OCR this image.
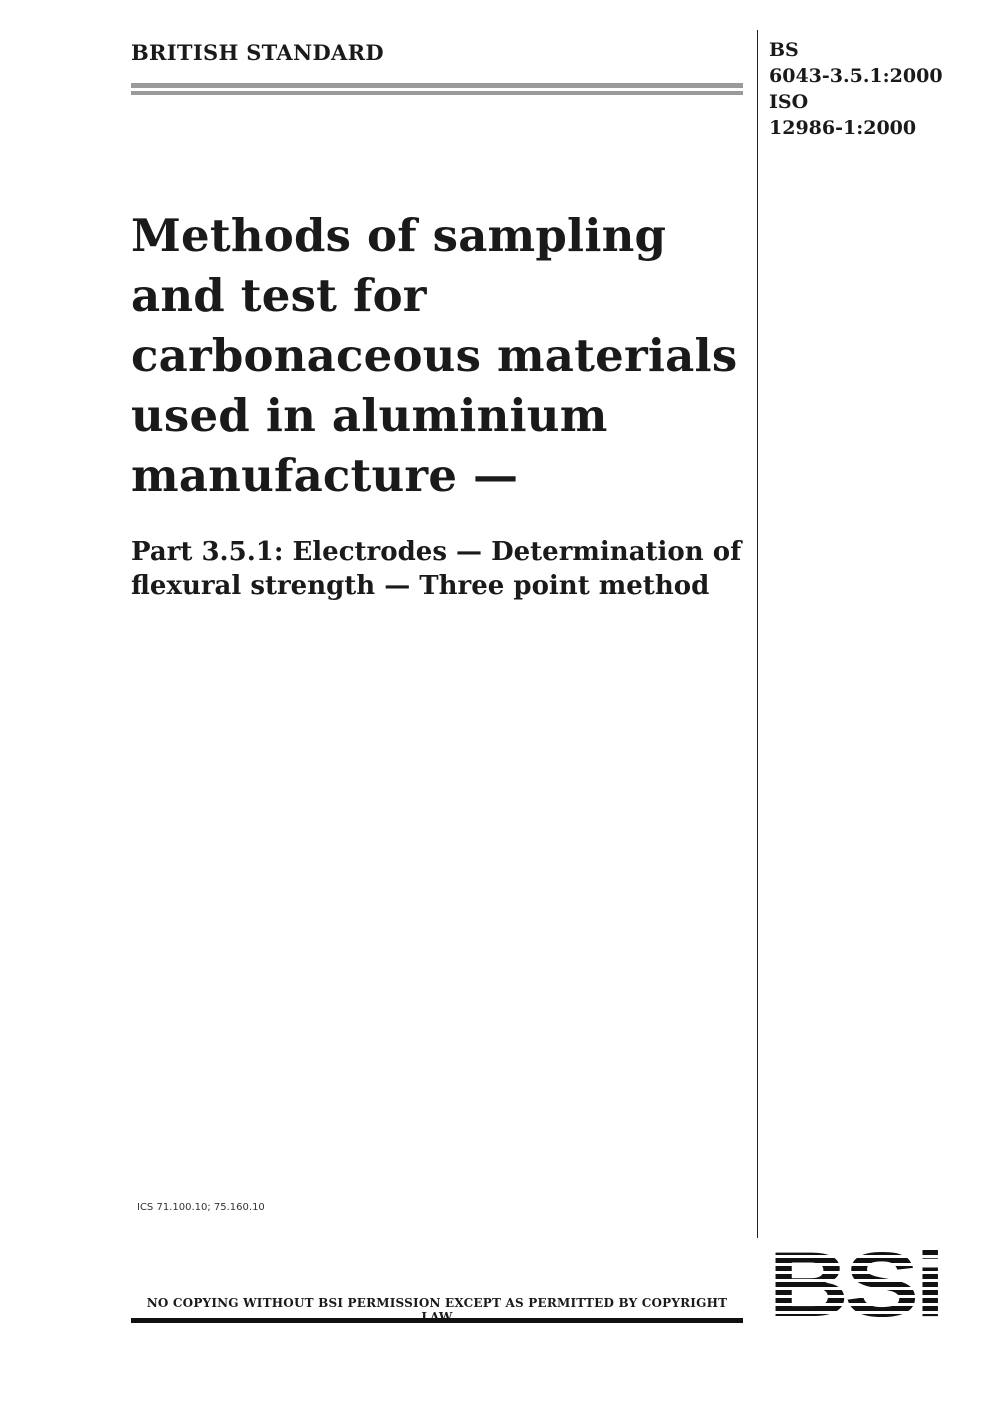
BRITISH STANDARD	BS
6043-3.5.1:2000
ISO
12986-1:2000
Methods of sampling
and test for
carbonaceous materials
used in aluminium
manufacture —
Part 3.5.1: Electrodes — Determination of
flexural strength — Three point method
ICS 71.100.10; 75.160.10
NO COPYING WITHOUT BSI PERMISSION EXCEPT AS PERMITTED BY COPYRIGHT LAW	BSi
